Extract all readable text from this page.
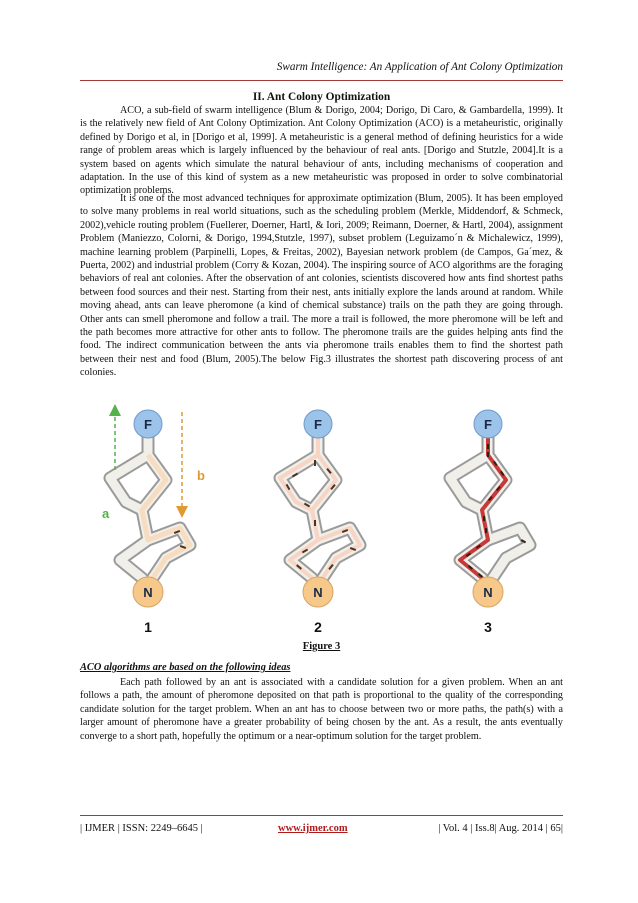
Swarm Intelligence: An Application of Ant Colony Optimization
II. Ant Colony Optimization

ACO, a sub-field of swarm intelligence (Blum & Dorigo, 2004; Dorigo, Di Caro, & Gambardella, 1999). It is the relatively new field of Ant Colony Optimization. Ant Colony Optimization (ACO) is a metaheuristic, originally defined by Dorigo et al, in [Dorigo et al, 1999]. A metaheuristic is a general method of defining heuristics for a wide range of problem areas which is largely influenced by the behaviour of real ants. [Dorigo and Stutzle, 2004].It is a system based on agents which simulate the natural behaviour of ants, including mechanisms of cooperation and adaptation. In the use of this kind of system as a new metaheuristic was proposed in order to solve combinatorial optimization problems.

It is one of the most advanced techniques for approximate optimization (Blum, 2005). It has been employed to solve many problems in real world situations, such as the scheduling problem (Merkle, Middendorf, & Schmeck, 2002),vehicle routing problem (Fuellerer, Doerner, Hartl, & Iori, 2009; Reimann, Doerner, & Hartl, 2004), assignment Problem (Maniezzo, Colorni, & Dorigo, 1994,Stutzle, 1997), subset problem (Leguizamo´n & Michalewicz, 1999), machine learning problem (Parpinelli, Lopes, & Freitas, 2002), Bayesian network problem (de Campos, Ga´mez, & Puerta, 2002) and industrial problem (Corry & Kozan, 2004). The inspiring source of ACO algorithms are the foraging behaviors of real ant colonies. After the observation of ant colonies, scientists discovered how ants find shortest paths between food sources and their nest. Starting from their nest, ants initially explore the lands around at random. While moving ahead, ants can leave pheromone (a kind of chemical substance) trails on the path they are going through. Other ants can smell pheromone and follow a trail. The more a trail is followed, the more pheromone will be left and the path becomes more attractive for other ants to follow. The pheromone trails are the guides helping ants find the food. The indirect communication between the ants via pheromone trails enables them to find the shortest path between their nest and food (Blum, 2005).The below Fig.3 illustrates the shortest path discovering process of ant colonies.

F	F	F
N	N	N
a
b
1	2	3
Figure 3
ACO algorithms are based on the following ideas

Each path followed by an ant is associated with a candidate solution for a given problem. When an ant follows a path, the amount of pheromone deposited on that path is proportional to the quality of the corresponding candidate solution for the target problem. When an ant has to choose between two or more paths, the path(s) with a larger amount of pheromone have a greater probability of being chosen by the ant. As a result, the ants eventually converge to a short path, hopefully the optimum or a near-optimum solution for the target problem.

| IJMER | ISSN: 2249–6645 |	www.ijmer.com	| Vol. 4 | Iss.8| Aug. 2014 | 65|
